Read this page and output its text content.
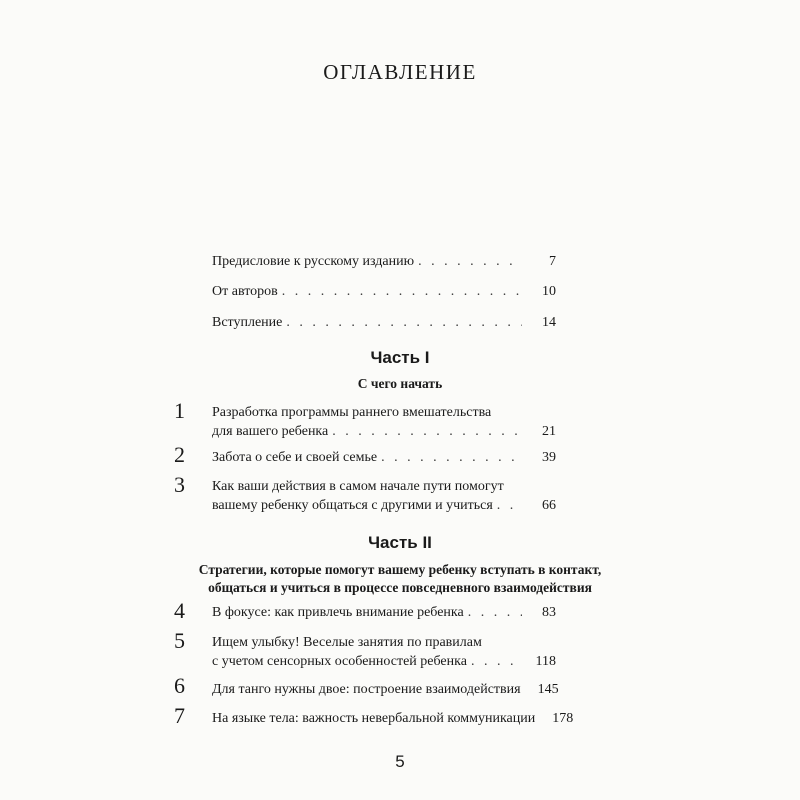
ОГЛАВЛЕНИЕ
Предисловие к русскому изданию . . .	7
От авторов . . .	10
Вступление . . .	14
Часть I
С чего начать
1 Разработка программы раннего вмешательства
для вашего ребенка . . .	21
2 Забота о себе и своей семье . . .	39
3 Как ваши действия в самом начале пути помогут
вашему ребенку общаться с другими и учиться . . .	66
Часть II
Стратегии, которые помогут вашему ребенку вступать в контакт,
общаться и учиться в процессе повседневного взаимодействия
4 В фокусе: как привлечь внимание ребенка . . .	83
5 Ищем улыбку! Веселые занятия по правилам
с учетом сенсорных особенностей ребенка . . .	118
6 Для танго нужны двое: построение взаимодействия	145
7 На языке тела: важность невербальной коммуникации	178
5
